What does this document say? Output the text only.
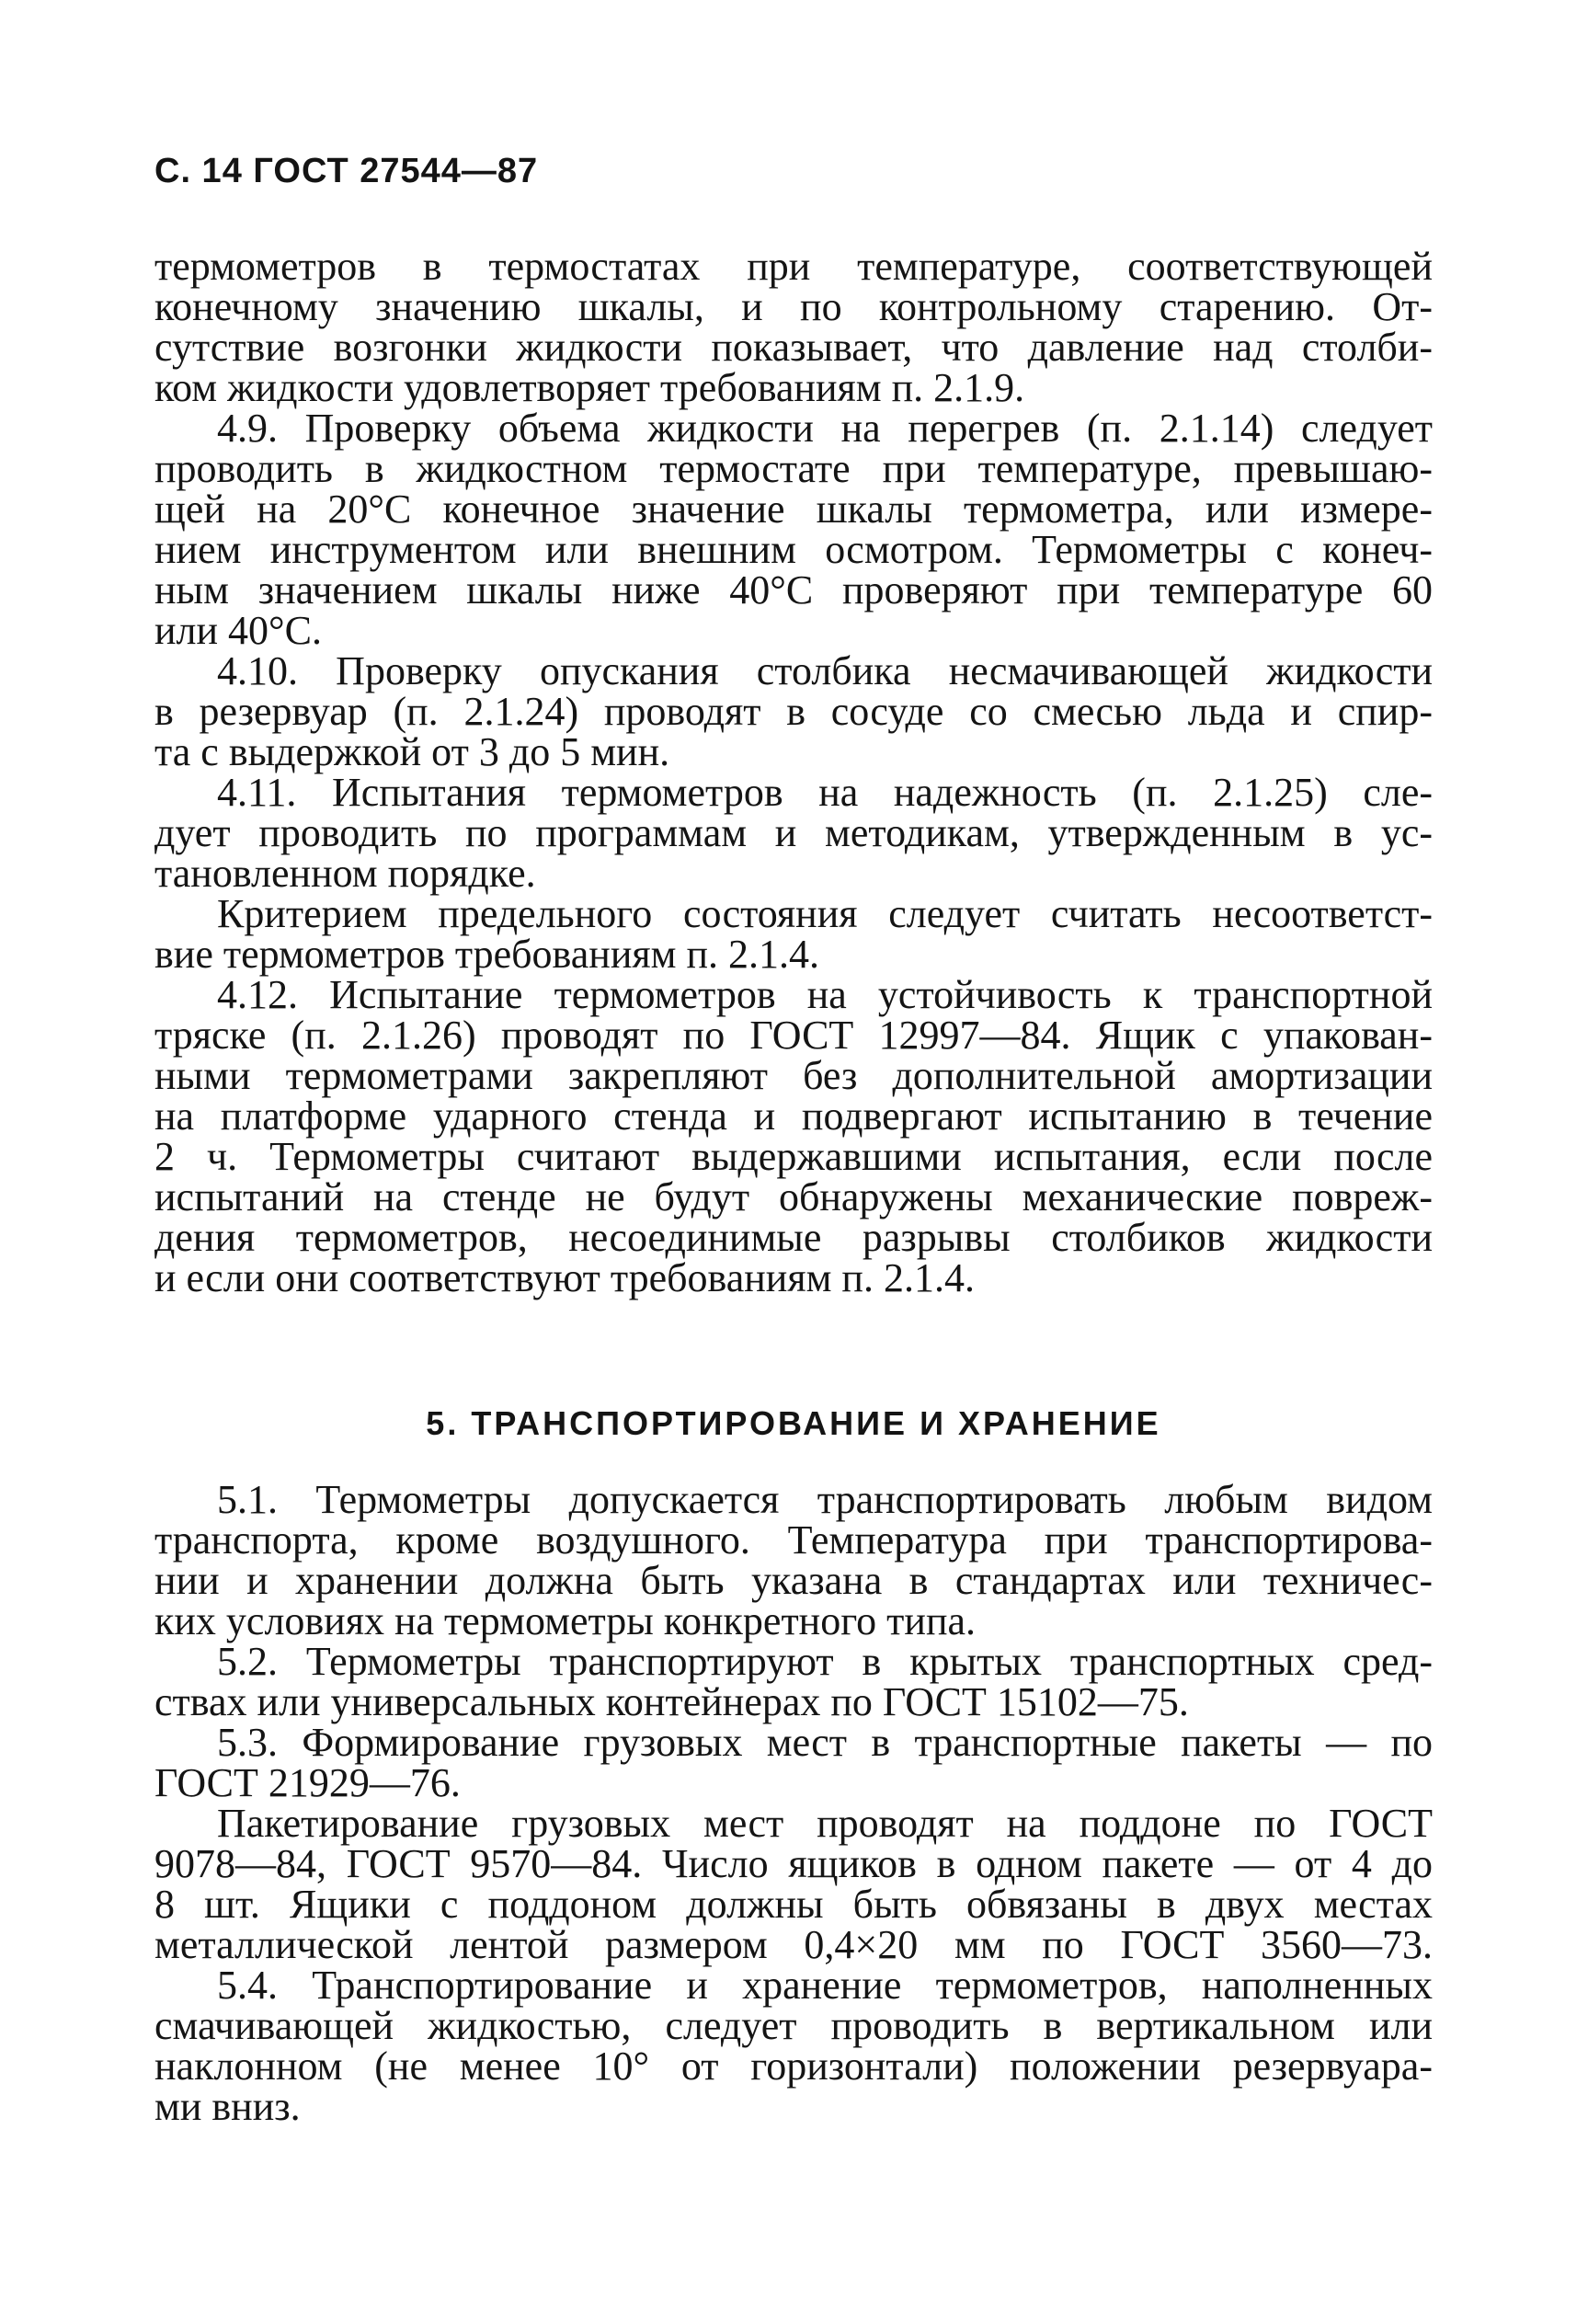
С. 14 ГОСТ 27544—87
термометров в термостатах при температуре, соответствующей
конечному значению шкалы, и по контрольному старению. От-
сутствие возгонки жидкости показывает, что давление над столби-
ком жидкости удовлетворяет требованиям п. 2.1.9.
4.9. Проверку объема жидкости на перегрев (п. 2.1.14) следует
проводить в жидкостном термостате при температуре, превышаю-
щей на 20°С конечное значение шкалы термометра, или измере-
нием инструментом или внешним осмотром. Термометры с конеч-
ным значением шкалы ниже 40°С проверяют при температуре 60
или 40°С.
4.10. Проверку опускания столбика несмачивающей жидкости
в резервуар (п. 2.1.24) проводят в сосуде со смесью льда и спир-
та с выдержкой от 3 до 5 мин.
4.11. Испытания термометров на надежность (п. 2.1.25) сле-
дует проводить по программам и методикам, утвержденным в ус-
тановленном порядке.
Критерием предельного состояния следует считать несоответст-
вие термометров требованиям п. 2.1.4.
4.12. Испытание термометров на устойчивость к транспортной
тряске (п. 2.1.26) проводят по ГОСТ 12997—84. Ящик с упакован-
ными термометрами закрепляют без дополнительной амортизации
на платформе ударного стенда и подвергают испытанию в течение
2 ч. Термометры считают выдержавшими испытания, если после
испытаний на стенде не будут обнаружены механические повреж-
дения термометров, несоединимые разрывы столбиков жидкости
и если они соответствуют требованиям п. 2.1.4.
5. ТРАНСПОРТИРОВАНИЕ И ХРАНЕНИЕ
5.1. Термометры допускается транспортировать любым видом
транспорта, кроме воздушного. Температура при транспортирова-
нии и хранении должна быть указана в стандартах или техничес-
ких условиях на термометры конкретного типа.
5.2. Термометры транспортируют в крытых транспортных сред-
ствах или универсальных контейнерах по ГОСТ 15102—75.
5.3. Формирование грузовых мест в транспортные пакеты — по
ГОСТ 21929—76.
Пакетирование грузовых мест проводят на поддоне по ГОСТ
9078—84, ГОСТ 9570—84. Число ящиков в одном пакете — от 4 до
8 шт. Ящики с поддоном должны быть обвязаны в двух местах
металлической лентой размером 0,4×20 мм по ГОСТ 3560—73.
5.4. Транспортирование и хранение термометров, наполненных
смачивающей жидкостью, следует проводить в вертикальном или
наклонном (не менее 10° от горизонтали) положении резервуара-
ми вниз.
